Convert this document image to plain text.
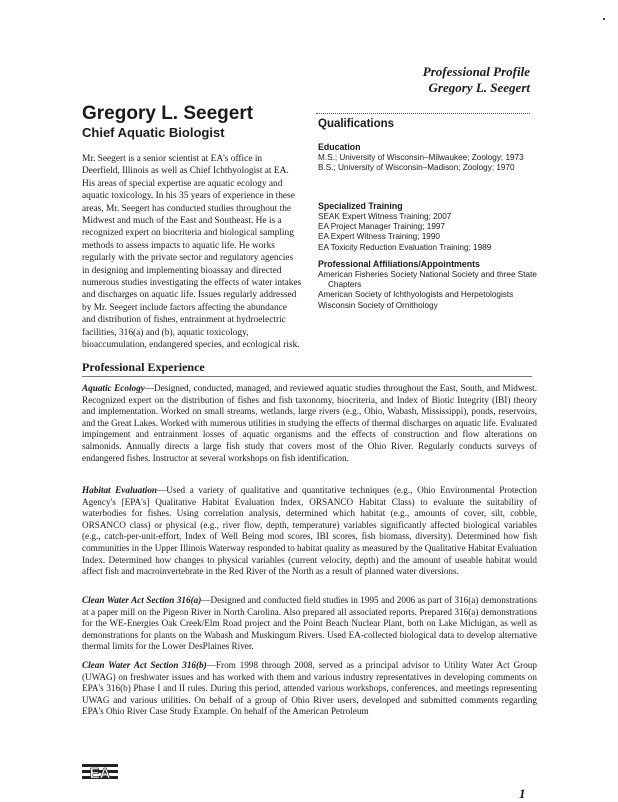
Professional Profile
Gregory L. Seegert
Gregory L. Seegert
Chief Aquatic Biologist

Mr. Seegert is a senior scientist at EA's office in Deerfield, Illinois as well as Chief Ichthyologist at EA. His areas of special expertise are aquatic ecology and aquatic toxicology. In his 35 years of experience in these areas, Mr. Seegert has conducted studies throughout the Midwest and much of the East and Southeast. He is a recognized expert on biocriteria and biological sampling methods to assess impacts to aquatic life. He works regularly with the private sector and regulatory agencies in designing and implementing bioassay and directed numerous studies investigating the effects of water intakes and discharges on aquatic life. Issues regularly addressed by Mr. Seegert include factors affecting the abundance and distribution of fishes, entrainment at hydroelectric facilities, 316(a) and (b), aquatic toxicology, bioaccumulation, endangered species, and ecological risk.

Qualifications
Education

M.S.; University of Wisconsin–Milwaukee; Zoology; 1973

B.S.; University of Wisconsin–Madison; Zoology; 1970

Specialized Training

SEAK Expert Witness Training; 2007

EA Project Manager Training; 1997

EA Expert Witness Training; 1990

EA Toxicity Reduction Evaluation Training; 1989

Professional Affiliations/Appointments

American Fisheries Society National Society and three State Chapters

American Society of Ichthyologists and Herpetologists

Wisconsin Society of Ornithology

Professional Experience

Aquatic Ecology—Designed, conducted, managed, and reviewed aquatic studies throughout the East, South, and Midwest. Recognized expert on the distribution of fishes and fish taxonomy, biocriteria, and Index of Biotic Integrity (IBI) theory and implementation. Worked on small streams, wetlands, large rivers (e.g., Ohio, Wabash, Mississippi), ponds, reservoirs, and the Great Lakes. Worked with numerous utilities in studying the effects of thermal discharges on aquatic life. Evaluated impingement and entrainment losses of aquatic organisms and the effects of construction and flow alterations on salmonids. Annually directs a large fish study that covers most of the Ohio River. Regularly conducts surveys of endangered fishes. Instructor at several workshops on fish identification.

Habitat Evaluation—Used a variety of qualitative and quantitative techniques (e.g., Ohio Environmental Protection Agency's [EPA's] Qualitative Habitat Evaluation Index, ORSANCO Habitat Class) to evaluate the suitability of waterbodies for fishes. Using correlation analysis, determined which habitat (e.g., amounts of cover, silt, cobble, ORSANCO class) or physical (e.g., river flow, depth, temperature) variables significantly affected biological variables (e.g., catch-per-unit-effort, Index of Well Being mod scores, IBI scores, fish biomass, diversity). Determined how fish communities in the Upper Illinois Waterway responded to habitat quality as measured by the Qualitative Habitat Evaluation Index. Determined how changes to physical variables (current velocity, depth) and the amount of useable habitat would affect fish and macroinvertebrate in the Red River of the North as a result of planned water diversions.

Clean Water Act Section 316(a)—Designed and conducted field studies in 1995 and 2006 as part of 316(a) demonstrations at a paper mill on the Pigeon River in North Carolina. Also prepared all associated reports. Prepared 316(a) demonstrations for the WE-Energies Oak Creek/Elm Road project and the Point Beach Nuclear Plant, both on Lake Michigan, as well as demonstrations for plants on the Wabash and Muskingum Rivers. Used EA-collected biological data to develop alternative thermal limits for the Lower DesPlaines River.

Clean Water Act Section 316(b)—From 1998 through 2008, served as a principal advisor to Utility Water Act Group (UWAG) on freshwater issues and has worked with them and various industry representatives in developing comments on EPA's 316(b) Phase I and II rules. During this period, attended various workshops, conferences, and meetings representing UWAG and various utilities. On behalf of a group of Ohio River users, developed and submitted comments regarding EPA's Ohio River Case Study Example. On behalf of the American Petroleum

EA

1
